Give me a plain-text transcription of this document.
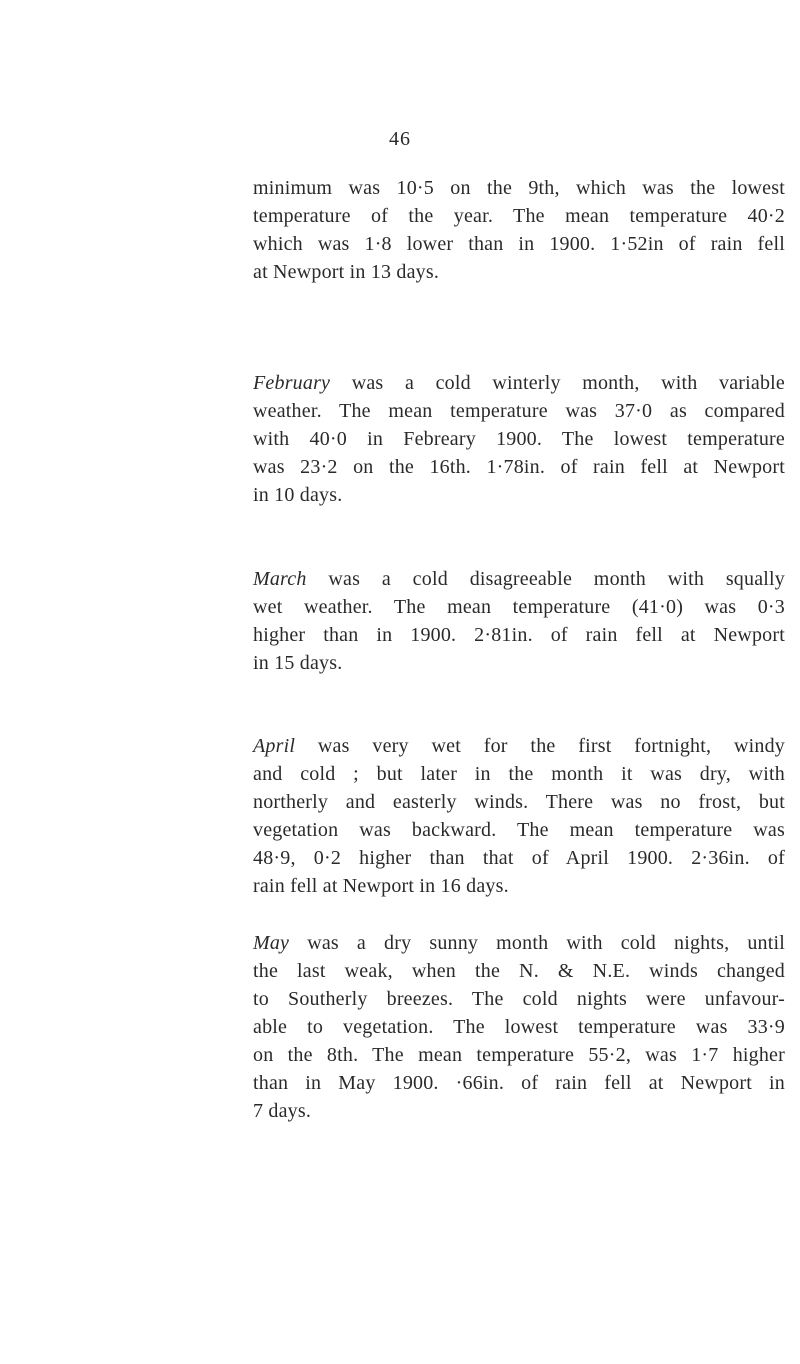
46

minimum was 10·5 on the 9th, which was the lowest
temperature of the year. The mean temperature 40·2
which was 1·8 lower than in 1900. 1·52in of rain fell
at Newport in 13 days.

February was a cold winterly month, with variable
weather. The mean temperature was 37·0 as compared
with 40·0 in Febreary 1900. The lowest temperature
was 23·2 on the 16th. 1·78in. of rain fell at Newport
in 10 days.

March was a cold disagreeable month with squally
wet weather. The mean temperature (41·0) was 0·3
higher than in 1900. 2·81in. of rain fell at Newport
in 15 days.

April was very wet for the first fortnight, windy
and cold ; but later in the month it was dry, with
northerly and easterly winds. There was no frost, but
vegetation was backward. The mean temperature was
48·9, 0·2 higher than that of April 1900. 2·36in. of
rain fell at Newport in 16 days.

May was a dry sunny month with cold nights, until
the last weak, when the N. & N.E. winds changed
to Southerly breezes. The cold nights were unfavour-
able to vegetation. The lowest temperature was 33·9
on the 8th. The mean temperature 55·2, was 1·7 higher
than in May 1900. ·66in. of rain fell at Newport in
7 days.
